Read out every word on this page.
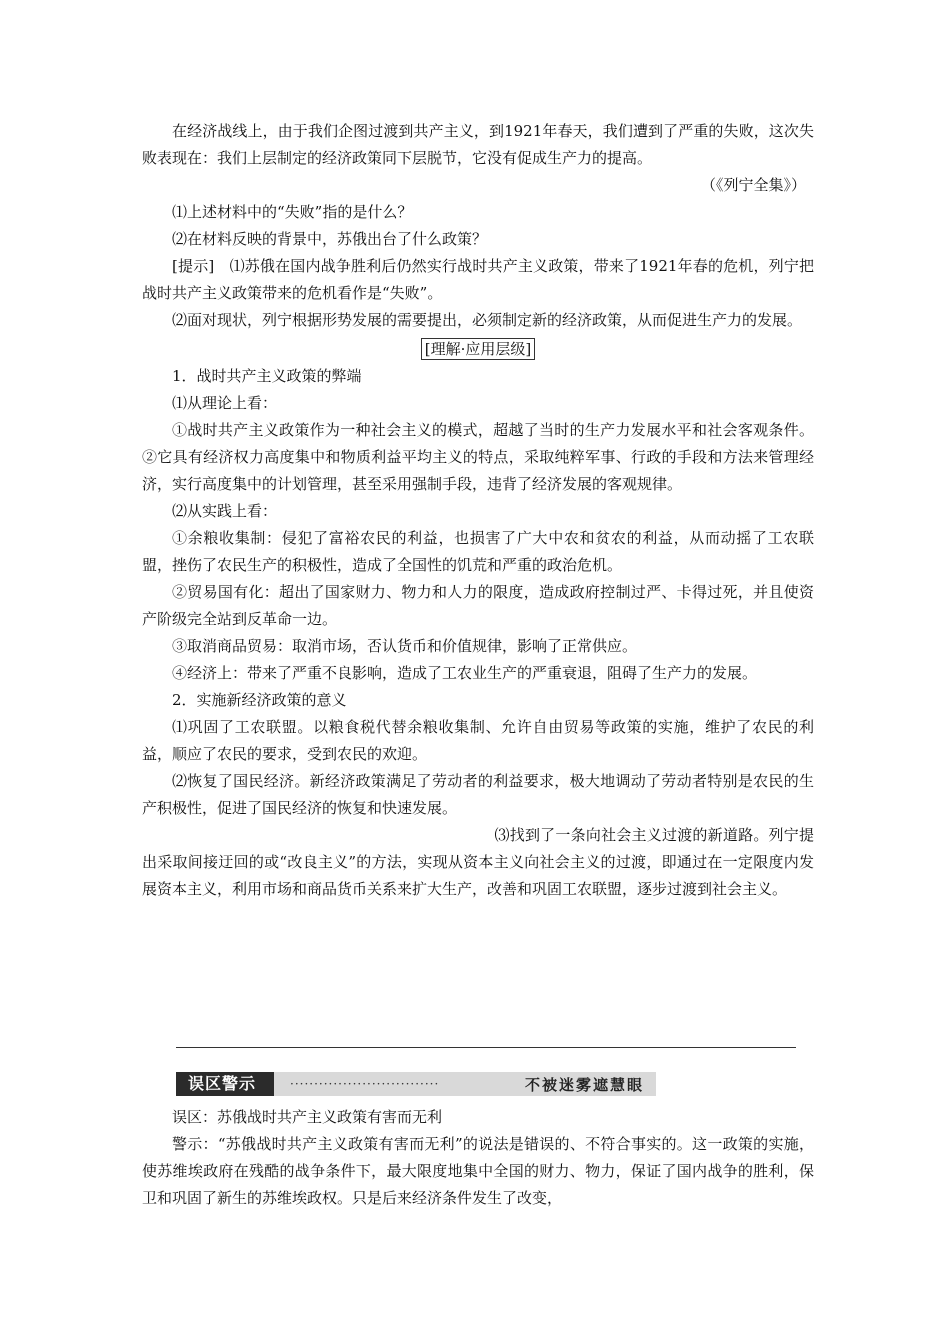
在经济战线上，由于我们企图过渡到共产主义，到1921年春天，我们遭到了严重的失败，这次失败表现在：我们上层制定的经济政策同下层脱节，它没有促成生产力的提高。

（《列宁全集》）

⑴上述材料中的“失败”指的是什么？

⑵在材料反映的背景中，苏俄出台了什么政策？

[提示]　⑴苏俄在国内战争胜利后仍然实行战时共产主义政策，带来了1921年春的危机，列宁把战时共产主义政策带来的危机看作是“失败”。

⑵面对现状，列宁根据形势发展的需要提出，必须制定新的经济政策，从而促进生产力的发展。

[理解·应用层级]

1．战时共产主义政策的弊端

⑴从理论上看：

①战时共产主义政策作为一种社会主义的模式，超越了当时的生产力发展水平和社会客观条件。②它具有经济权力高度集中和物质利益平均主义的特点，采取纯粹军事、行政的手段和方法来管理经济，实行高度集中的计划管理，甚至采用强制手段，违背了经济发展的客观规律。

⑵从实践上看：

①余粮收集制：侵犯了富裕农民的利益，也损害了广大中农和贫农的利益，从而动摇了工农联盟，挫伤了农民生产的积极性，造成了全国性的饥荒和严重的政治危机。

②贸易国有化：超出了国家财力、物力和人力的限度，造成政府控制过严、卡得过死，并且使资产阶级完全站到反革命一边。

③取消商品贸易：取消市场，否认货币和价值规律，影响了正常供应。

④经济上：带来了严重不良影响，造成了工农业生产的严重衰退，阻碍了生产力的发展。

2．实施新经济政策的意义

⑴巩固了工农联盟。以粮食税代替余粮收集制、允许自由贸易等政策的实施，维护了农民的利益，顺应了农民的要求，受到农民的欢迎。

⑵恢复了国民经济。新经济政策满足了劳动者的利益要求，极大地调动了劳动者特别是农民的生产积极性，促进了国民经济的恢复和快速发展。

⑶找到了一条向社会主义过渡的新道路。列宁提出采取间接迂回的或“改良主义”的方法，实现从资本主义向社会主义的过渡，即通过在一定限度内发展资本主义，利用市场和商品货币关系来扩大生产，改善和巩固工农联盟，逐步过渡到社会主义。

误区警示	·······························	不被迷雾遮慧眼

误区：苏俄战时共产主义政策有害而无利

警示：“苏俄战时共产主义政策有害而无利”的说法是错误的、不符合事实的。这一政策的实施，使苏维埃政府在残酷的战争条件下，最大限度地集中全国的财力、物力，保证了国内战争的胜利，保卫和巩固了新生的苏维埃政权。只是后来经济条件发生了改变，
